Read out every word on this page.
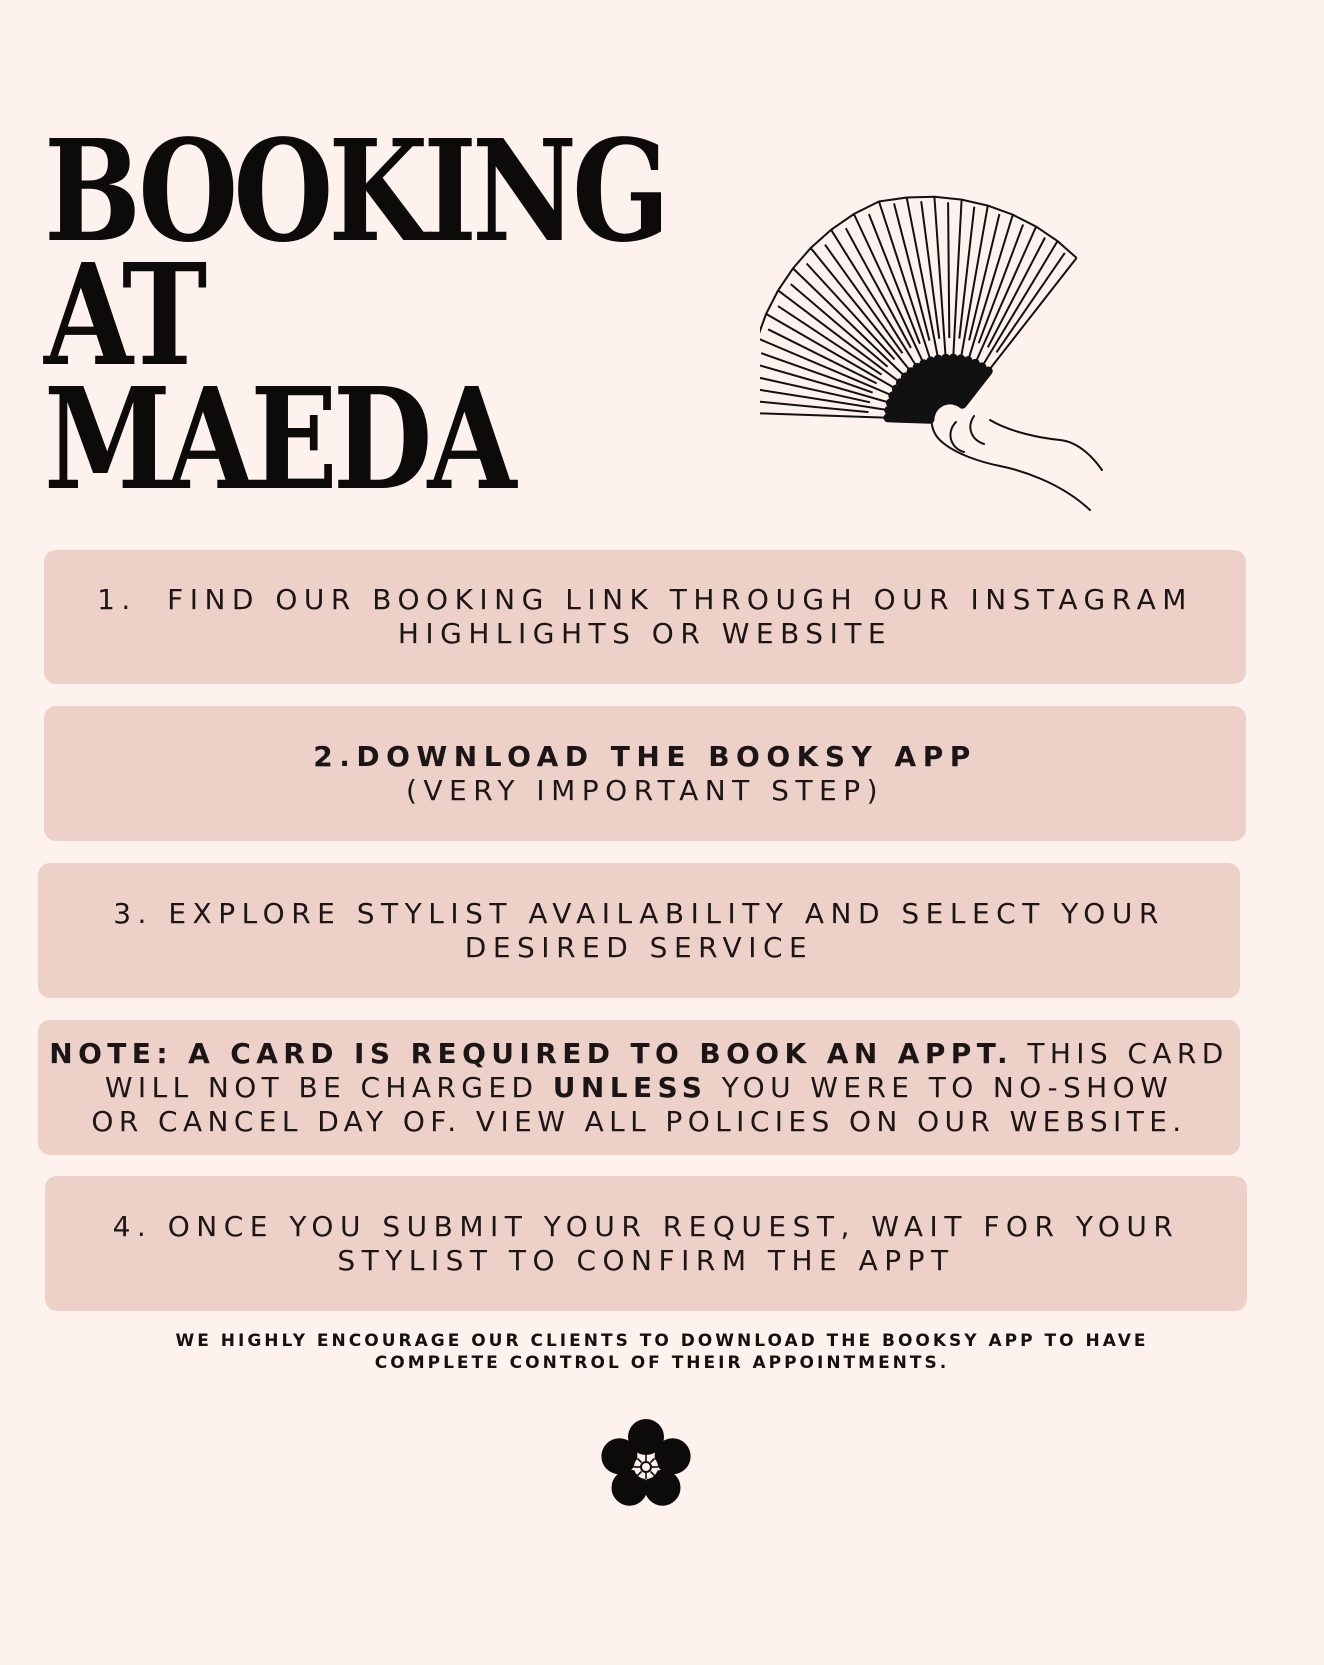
BOOKING
AT
MAEDA
1. FIND OUR BOOKING LINK THROUGH OUR INSTAGRAM
HIGHLIGHTS OR WEBSITE
2.DOWNLOAD THE BOOKSY APP
(VERY IMPORTANT STEP)
3. EXPLORE STYLIST AVAILABILITY AND SELECT YOUR
DESIRED SERVICE
NOTE: A CARD IS REQUIRED TO BOOK AN APPT. THIS CARD
WILL NOT BE CHARGED UNLESS YOU WERE TO NO-SHOW
OR CANCEL DAY OF. VIEW ALL POLICIES ON OUR WEBSITE.
4. ONCE YOU SUBMIT YOUR REQUEST, WAIT FOR YOUR
STYLIST TO CONFIRM THE APPT
WE HIGHLY ENCOURAGE OUR CLIENTS TO DOWNLOAD THE BOOKSY APP TO HAVE
COMPLETE CONTROL OF THEIR APPOINTMENTS.
